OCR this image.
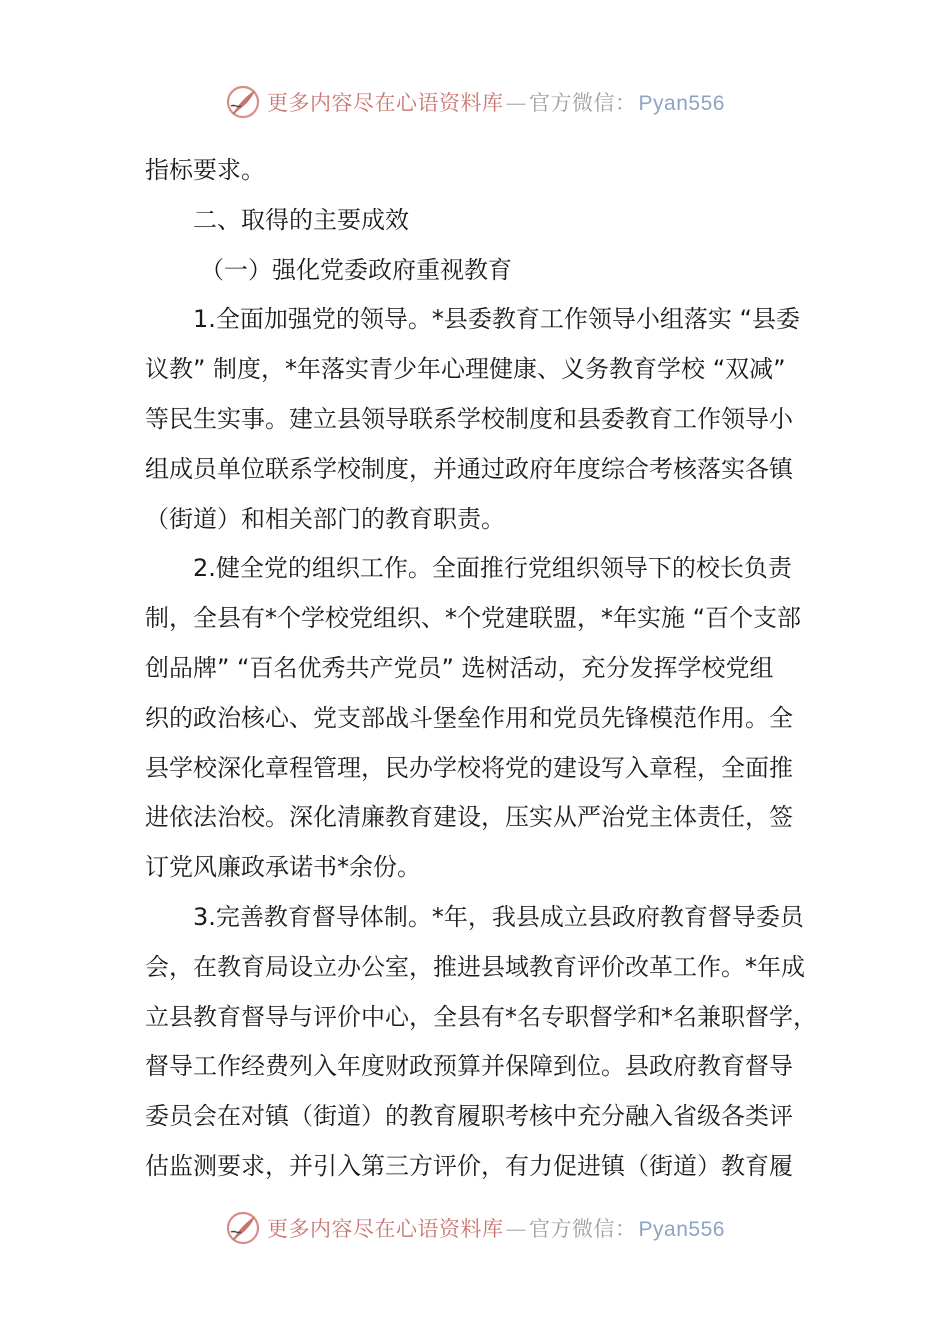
更多内容尽在心语资料库—官方微信：Pyan556
指标要求。
二、取得的主要成效
（一）强化党委政府重视教育
1.全面加强党的领导。*县委教育工作领导小组落实 “县委
议教” 制度，*年落实青少年心理健康、义务教育学校 “双减”
等民生实事。建立县领导联系学校制度和县委教育工作领导小
组成员单位联系学校制度，并通过政府年度综合考核落实各镇
（街道）和相关部门的教育职责。
2.健全党的组织工作。全面推行党组织领导下的校长负责
制，全县有*个学校党组织、*个党建联盟，*年实施 “百个支部
创品牌” “百名优秀共产党员” 选树活动，充分发挥学校党组
织的政治核心、党支部战斗堡垒作用和党员先锋模范作用。全
县学校深化章程管理，民办学校将党的建设写入章程，全面推
进依法治校。深化清廉教育建设，压实从严治党主体责任，签
订党风廉政承诺书*余份。
3.完善教育督导体制。*年，我县成立县政府教育督导委员
会，在教育局设立办公室，推进县域教育评价改革工作。*年成
立县教育督导与评价中心，全县有*名专职督学和*名兼职督学，
督导工作经费列入年度财政预算并保障到位。县政府教育督导
委员会在对镇（街道）的教育履职考核中充分融入省级各类评
估监测要求，并引入第三方评价，有力促进镇（街道）教育履
更多内容尽在心语资料库—官方微信：Pyan556
